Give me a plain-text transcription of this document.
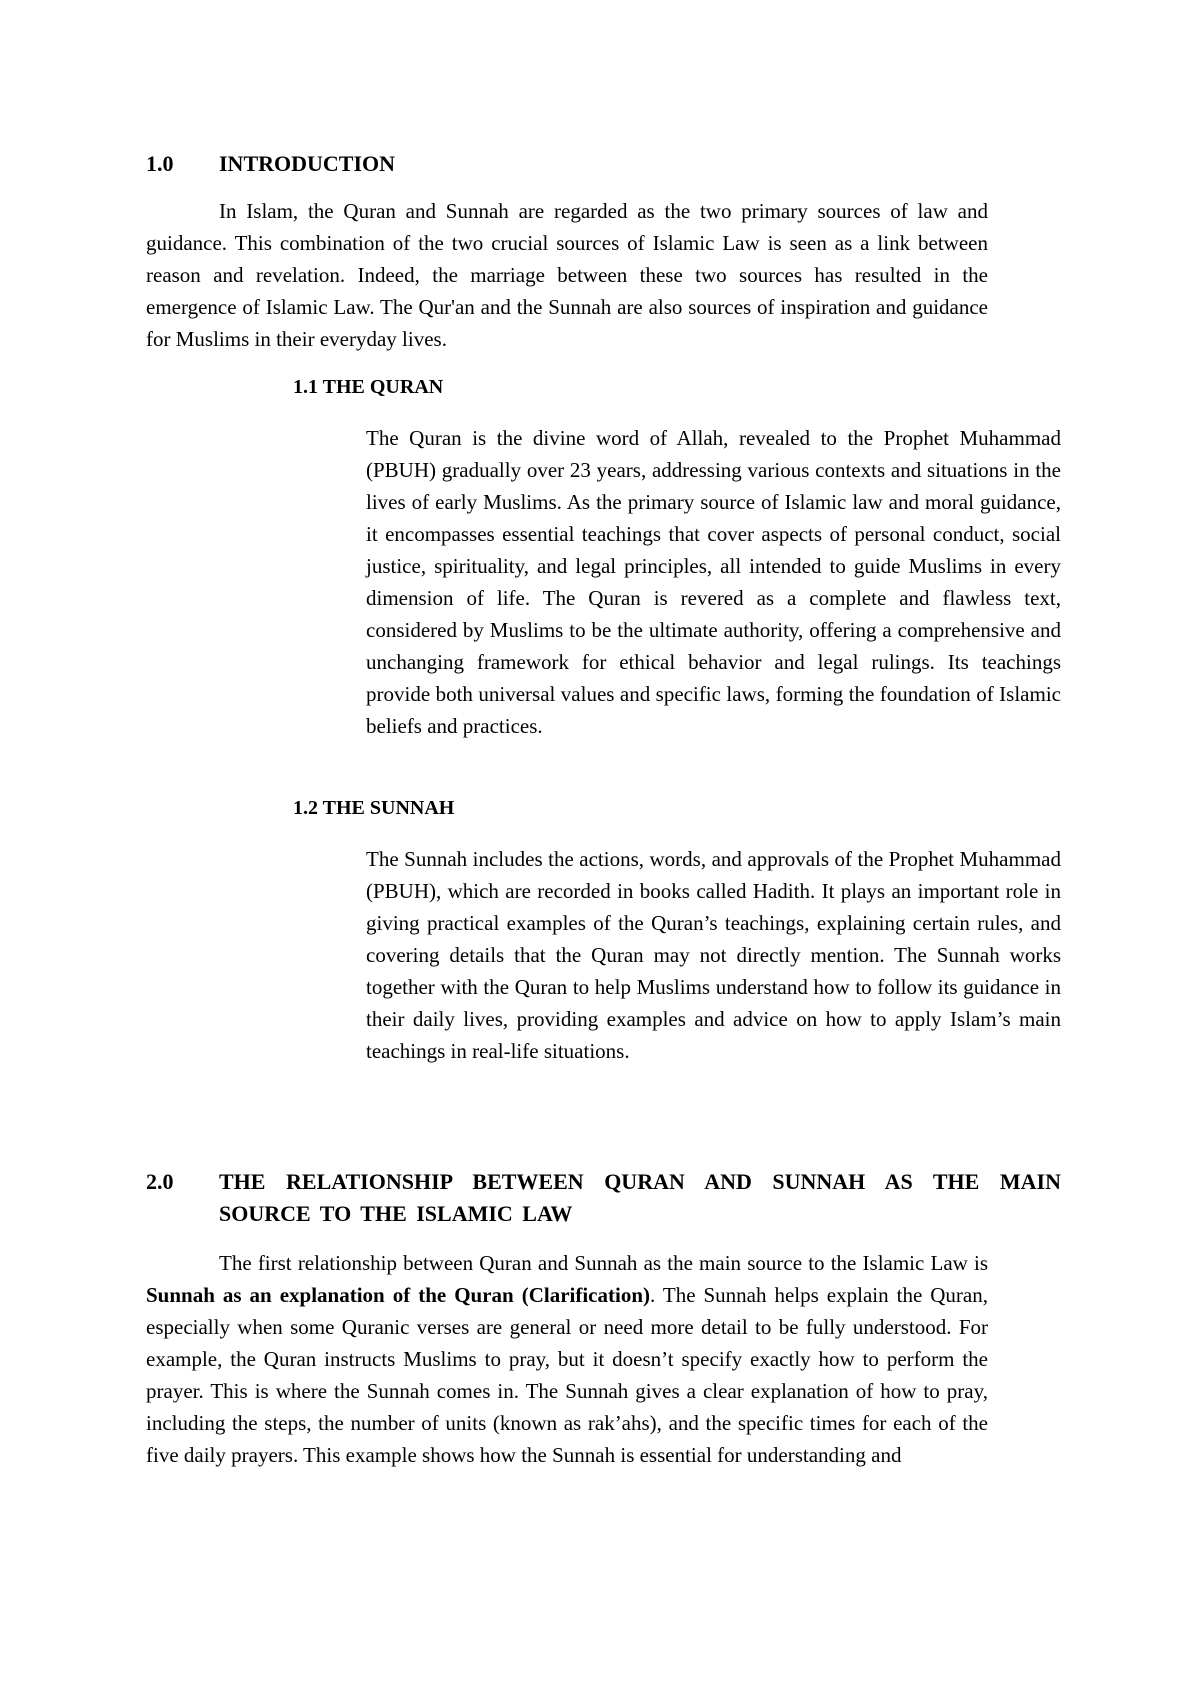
1.0	INTRODUCTION

In Islam, the Quran and Sunnah are regarded as the two primary sources of law and guidance. This combination of the two crucial sources of Islamic Law is seen as a link between reason and revelation. Indeed, the marriage between these two sources has resulted in the emergence of Islamic Law. The Qur'an and the Sunnah are also sources of inspiration and guidance for Muslims in their everyday lives.

1.1 THE QURAN

The Quran is the divine word of Allah, revealed to the Prophet Muhammad (PBUH) gradually over 23 years, addressing various contexts and situations in the lives of early Muslims. As the primary source of Islamic law and moral guidance, it encompasses essential teachings that cover aspects of personal conduct, social justice, spirituality, and legal principles, all intended to guide Muslims in every dimension of life. The Quran is revered as a complete and flawless text, considered by Muslims to be the ultimate authority, offering a comprehensive and unchanging framework for ethical behavior and legal rulings. Its teachings provide both universal values and specific laws, forming the foundation of Islamic beliefs and practices.

1.2 THE SUNNAH

The Sunnah includes the actions, words, and approvals of the Prophet Muhammad (PBUH), which are recorded in books called Hadith. It plays an important role in giving practical examples of the Quran’s teachings, explaining certain rules, and covering details that the Quran may not directly mention. The Sunnah works together with the Quran to help Muslims understand how to follow its guidance in their daily lives, providing examples and advice on how to apply Islam’s main teachings in real-life situations.

2.0	THE RELATIONSHIP BETWEEN QURAN AND SUNNAH AS THE MAIN SOURCE TO THE ISLAMIC LAW

The first relationship between Quran and Sunnah as the main source to the Islamic Law is Sunnah as an explanation of the Quran (Clarification). The Sunnah helps explain the Quran, especially when some Quranic verses are general or need more detail to be fully understood. For example, the Quran instructs Muslims to pray, but it doesn’t specify exactly how to perform the prayer. This is where the Sunnah comes in. The Sunnah gives a clear explanation of how to pray, including the steps, the number of units (known as rak’ahs), and the specific times for each of the five daily prayers. This example shows how the Sunnah is essential for understanding and
